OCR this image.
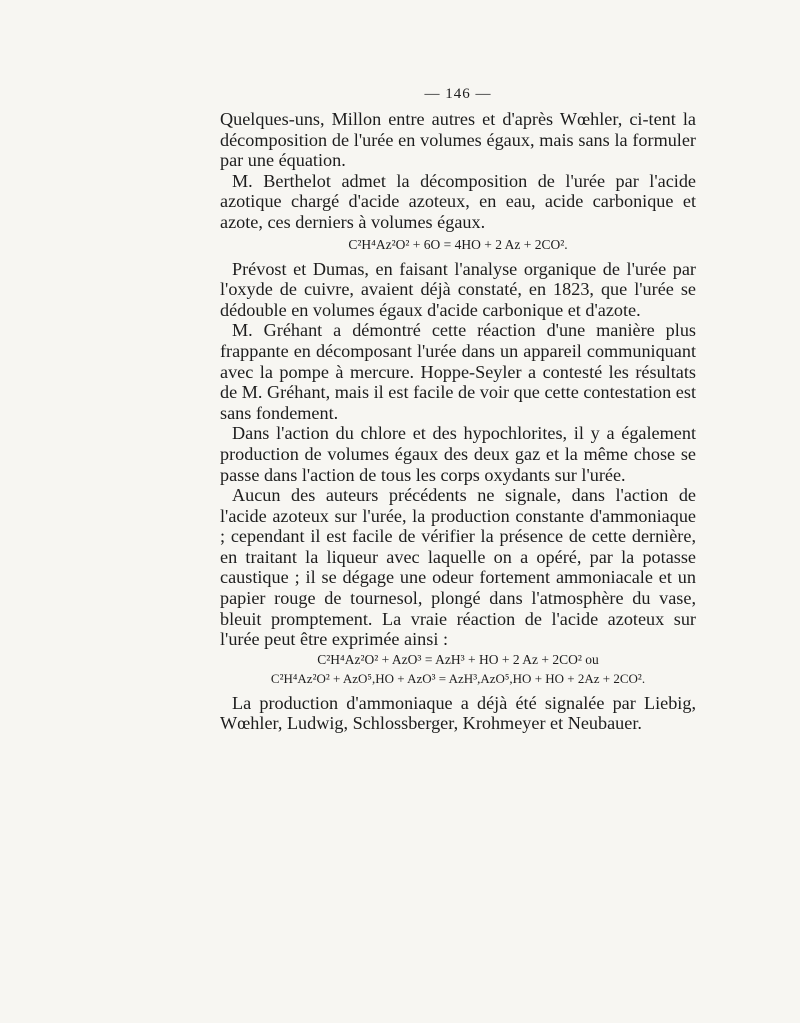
— 146 —

Quelques-uns, Millon entre autres et d'après Wœhler, ci-tent la décomposition de l'urée en volumes égaux, mais sans la formuler par une équation.

M. Berthelot admet la décomposition de l'urée par l'acide azotique chargé d'acide azoteux, en eau, acide carbonique et azote, ces derniers à volumes égaux.

C²H⁴Az²O² + 6O = 4HO + 2 Az + 2CO².

Prévost et Dumas, en faisant l'analyse organique de l'urée par l'oxyde de cuivre, avaient déjà constaté, en 1823, que l'urée se dédouble en volumes égaux d'acide carbonique et d'azote.

M. Gréhant a démontré cette réaction d'une manière plus frappante en décomposant l'urée dans un appareil communiquant avec la pompe à mercure. Hoppe-Seyler a contesté les résultats de M. Gréhant, mais il est facile de voir que cette contestation est sans fondement.

Dans l'action du chlore et des hypochlorites, il y a également production de volumes égaux des deux gaz et la même chose se passe dans l'action de tous les corps oxydants sur l'urée.

Aucun des auteurs précédents ne signale, dans l'action de l'acide azoteux sur l'urée, la production constante d'ammoniaque ; cependant il est facile de vérifier la présence de cette dernière, en traitant la liqueur avec laquelle on a opéré, par la potasse caustique ; il se dégage une odeur fortement ammoniacale et un papier rouge de tournesol, plongé dans l'atmosphère du vase, bleuit promptement. La vraie réaction de l'acide azoteux sur l'urée peut être exprimée ainsi :

C²H⁴Az²O² + AzO³ = AzH³ + HO + 2 Az + 2CO² ou
C²H⁴Az²O² + AzO⁵,HO + AzO³ = AzH³,AzO⁵,HO + HO + 2Az + 2CO².

La production d'ammoniaque a déjà été signalée par Liebig, Wœhler, Ludwig, Schlossberger, Krohmeyer et Neubauer.
